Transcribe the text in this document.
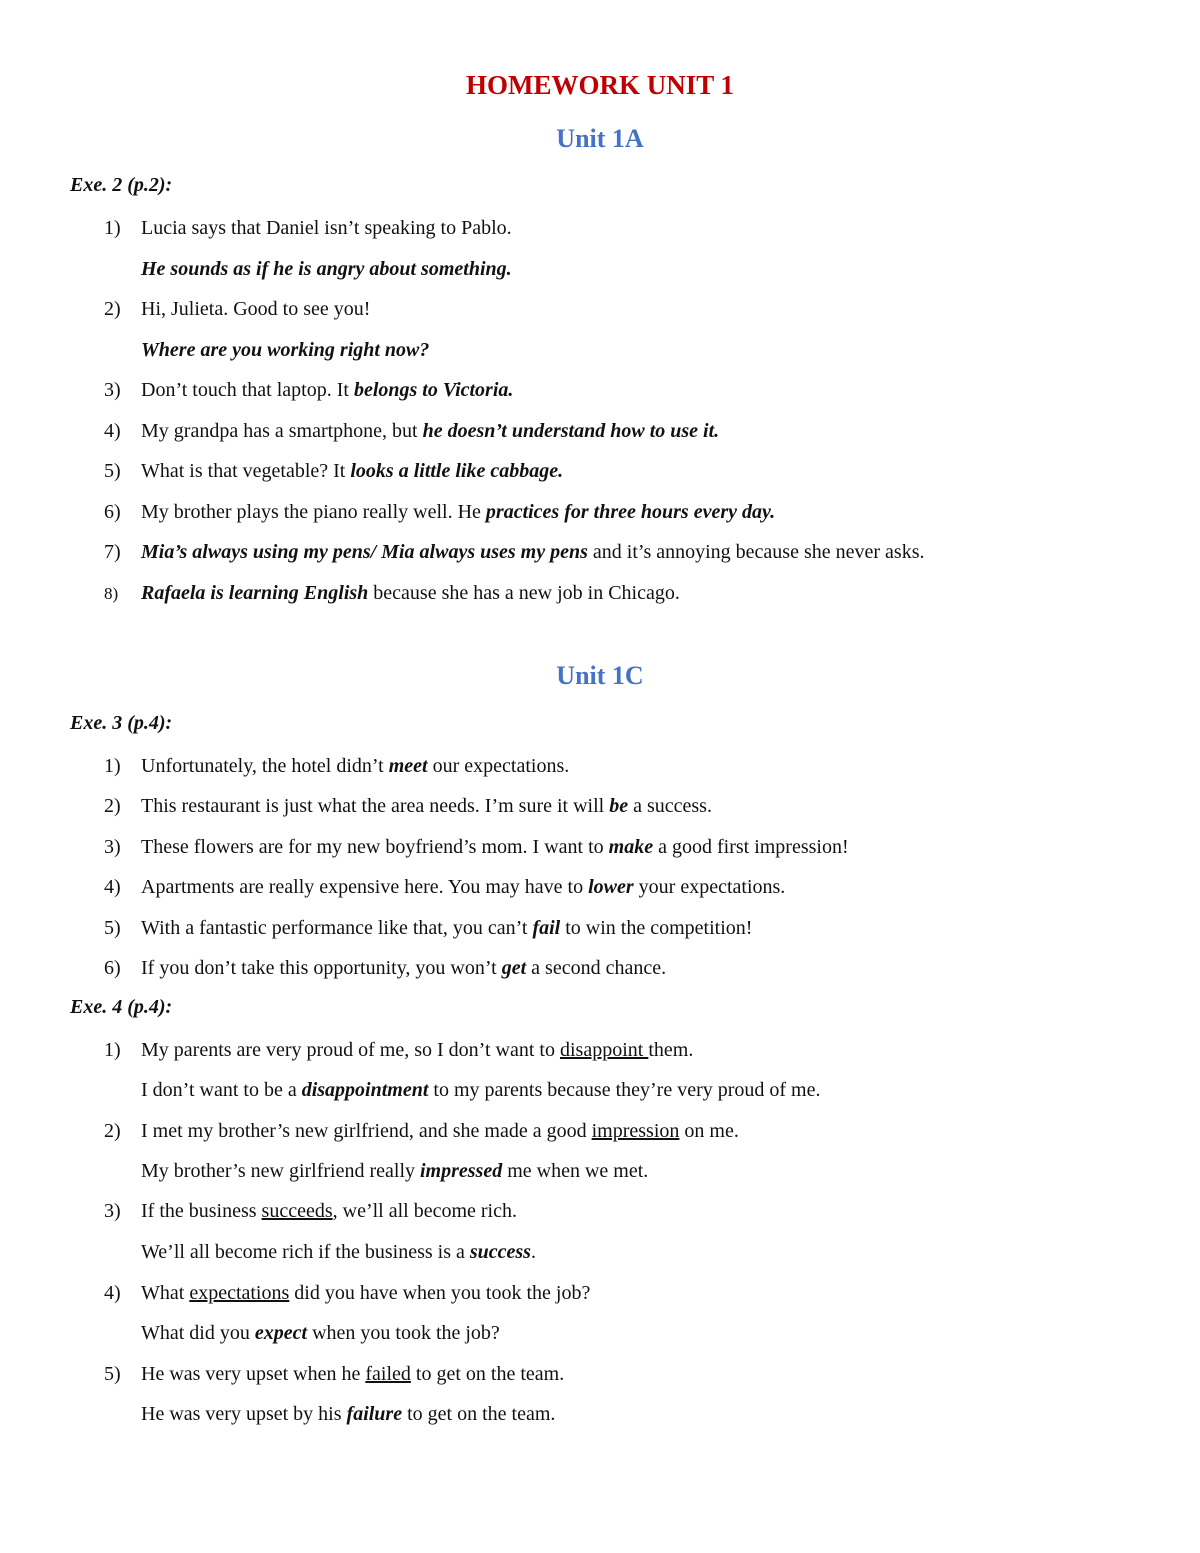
HOMEWORK UNIT 1
Unit 1A
Exe. 2 (p.2):
1) Lucia says that Daniel isn’t speaking to Pablo.
He sounds as if he is angry about something.
2) Hi, Julieta. Good to see you!
Where are you working right now?
3) Don’t touch that laptop. It belongs to Victoria.
4) My grandpa has a smartphone, but he doesn’t understand how to use it.
5) What is that vegetable? It looks a little like cabbage.
6) My brother plays the piano really well. He practices for three hours every day.
7) Mia’s always using my pens/ Mia always uses my pens and it’s annoying because she never asks.
8) Rafaela is learning English because she has a new job in Chicago.
Unit 1C
Exe. 3 (p.4):
1) Unfortunately, the hotel didn’t meet our expectations.
2) This restaurant is just what the area needs. I’m sure it will be a success.
3) These flowers are for my new boyfriend’s mom. I want to make a good first impression!
4) Apartments are really expensive here. You may have to lower your expectations.
5) With a fantastic performance like that, you can’t fail to win the competition!
6) If you don’t take this opportunity, you won’t get a second chance.
Exe. 4 (p.4):
1) My parents are very proud of me, so I don’t want to disappoint them.
I don’t want to be a disappointment to my parents because they’re very proud of me.
2) I met my brother’s new girlfriend, and she made a good impression on me.
My brother’s new girlfriend really impressed me when we met.
3) If the business succeeds, we’ll all become rich.
We’ll all become rich if the business is a success.
4) What expectations did you have when you took the job?
What did you expect when you took the job?
5) He was very upset when he failed to get on the team.
He was very upset by his failure to get on the team.
